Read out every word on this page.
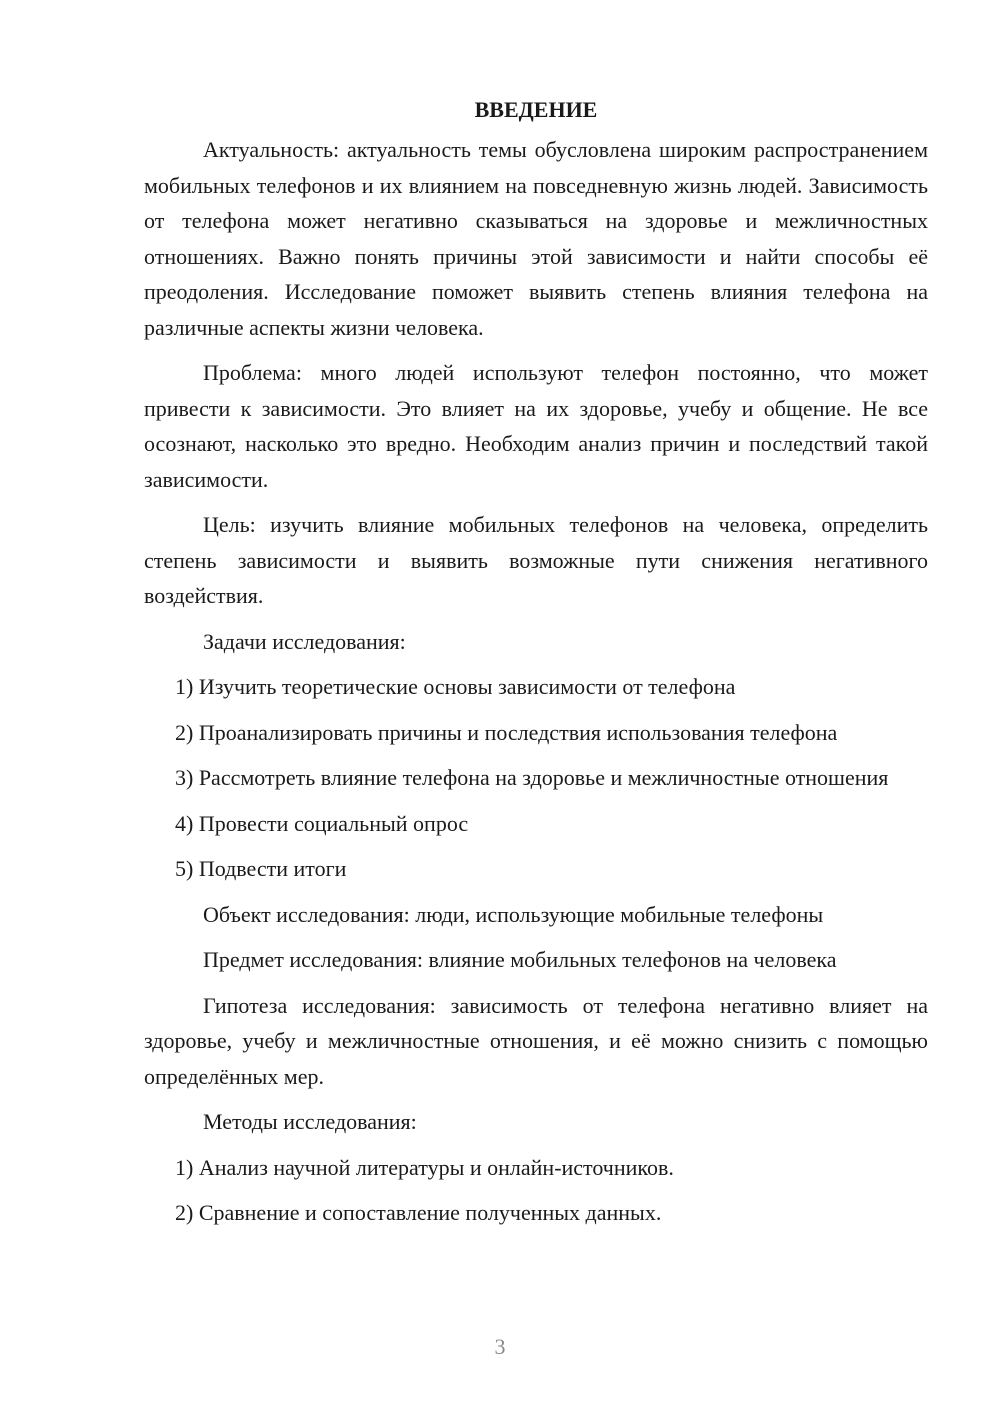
ВВЕДЕНИЕ

Актуальность: актуальность темы обусловлена широким распространением мобильных телефонов и их влиянием на повседневную жизнь людей. Зависимость от телефона может негативно сказываться на здоровье и межличностных отношениях. Важно понять причины этой зависимости и найти способы её преодоления. Исследование поможет выявить степень влияния телефона на различные аспекты жизни человека.

Проблема: много людей используют телефон постоянно, что может привести к зависимости. Это влияет на их здоровье, учебу и общение. Не все осознают, насколько это вредно. Необходим анализ причин и последствий такой зависимости.

Цель: изучить влияние мобильных телефонов на человека, определить степень зависимости и выявить возможные пути снижения негативного воздействия.

Задачи исследования:

1) Изучить теоретические основы зависимости от телефона

2) Проанализировать причины и последствия использования телефона

3) Рассмотреть влияние телефона на здоровье и межличностные отношения

4) Провести социальный опрос

5) Подвести итоги

Объект исследования: люди, использующие мобильные телефоны

Предмет исследования: влияние мобильных телефонов на человека

Гипотеза исследования: зависимость от телефона негативно влияет на здоровье, учебу и межличностные отношения, и её можно снизить с помощью определённых мер.

Методы исследования:

1) Анализ научной литературы и онлайн-источников.

2) Сравнение и сопоставление полученных данных.

3
